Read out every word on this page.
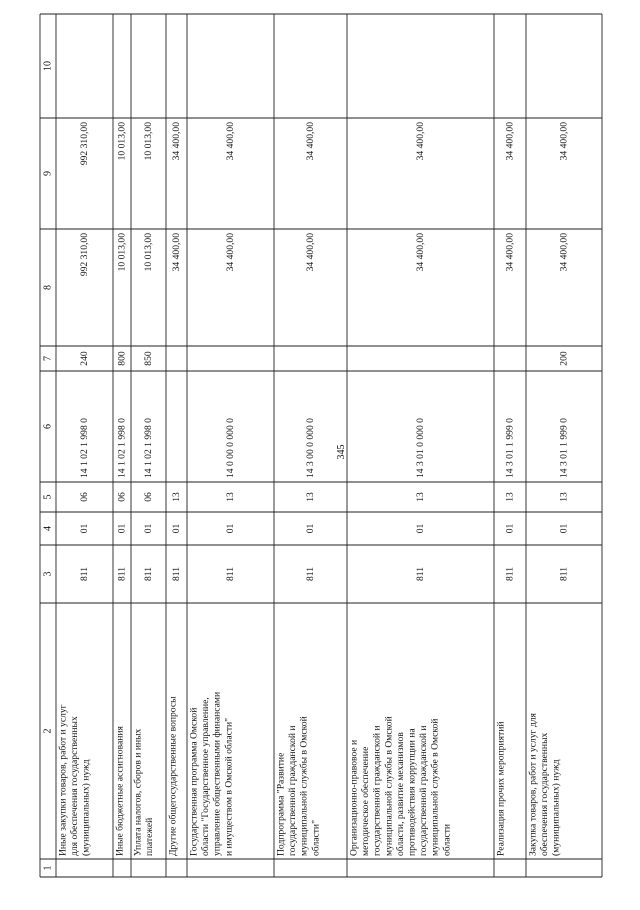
345
1
2
3
4
5
6
7
8
9
10
Иные закупки товаров, работ и услуг для обеспечения государственных (муниципальных) нужд
811
01
06
14 1 02 1 998 0
240
992 310,00
992 310,00
Иные бюджетные ассигнования
811
01
06
14 1 02 1 998 0
800
10 013,00
10 013,00
Уплата налогов, сборов и иных платежей
811
01
06
14 1 02 1 998 0
850
10 013,00
10 013,00
Другие общегосударственные вопросы
811
01
13
34 400,00
34 400,00
Государственная программа Омской области "Государственное управление, управление общественными финансами и имуществом в Омской области"
811
01
13
14 0 00 0 000 0
34 400,00
34 400,00
Подпрограмма "Развитие государственной гражданской и муниципальной службы в Омской области"
811
01
13
14 3 00 0 000 0
34 400,00
34 400,00
Организационно-правовое и методическое обеспечение государственной гражданской и муниципальной службы в Омской области, развитие механизмов противодействия коррупции на государственной гражданской и муниципальной службе в Омской области
811
01
13
14 3 01 0 000 0
34 400,00
34 400,00
Реализация прочих мероприятий
811
01
13
14 3 01 1 999 0
34 400,00
34 400,00
Закупка товаров, работ и услуг для обеспечения государственных (муниципальных) нужд
811
01
13
14 3 01 1 999 0
200
34 400,00
34 400,00
